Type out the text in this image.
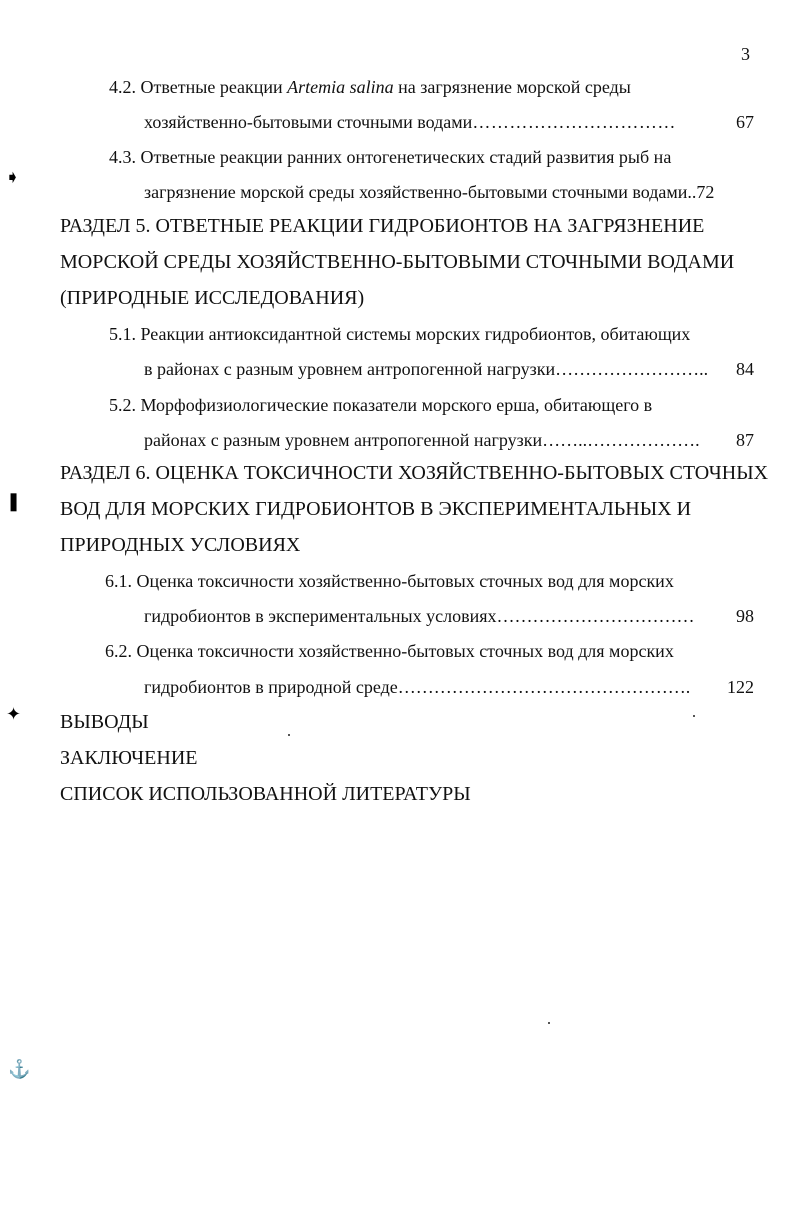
3
4.2. Ответные реакции Artemia salina на загрязнение морской среды
хозяйственно-бытовыми сточными водами……………………………	67
4.3. Ответные реакции ранних онтогенетических стадий развития рыб на
загрязнение морской среды хозяйственно-бытовыми сточными водами..72
РАЗДЕЛ 5. ОТВЕТНЫЕ РЕАКЦИИ ГИДРОБИОНТОВ НА ЗАГРЯЗНЕНИЕ
МОРСКОЙ СРЕДЫ ХОЗЯЙСТВЕННО-БЫТОВЫМИ СТОЧНЫМИ ВОДАМИ
(ПРИРОДНЫЕ ИССЛЕДОВАНИЯ)
5.1. Реакции антиоксидантной системы морских гидробионтов, обитающих
в районах с разным уровнем антропогенной нагрузки…………………….. 84
5.2. Морфофизиологические показатели морского ерша, обитающего в
районах с разным уровнем антропогенной нагрузки……..………………. 87
РАЗДЕЛ 6. ОЦЕНКА ТОКСИЧНОСТИ ХОЗЯЙСТВЕННО-БЫТОВЫХ СТОЧНЫХ
ВОД ДЛЯ МОРСКИХ ГИДРОБИОНТОВ В ЭКСПЕРИМЕНТАЛЬНЫХ И
ПРИРОДНЫХ УСЛОВИЯХ
6.1. Оценка токсичности хозяйственно-бытовых сточных вод для морских
гидробионтов в экспериментальных условиях…………………………… 98
6.2. Оценка токсичности хозяйственно-бытовых сточных вод для морских
гидробионтов в природной среде…………………………………………. 122
ВЫВОДЫ
ЗАКЛЮЧЕНИЕ
СПИСОК ИСПОЛЬЗОВАННОЙ ЛИТЕРАТУРЫ
➧
❚
✦
⚓
